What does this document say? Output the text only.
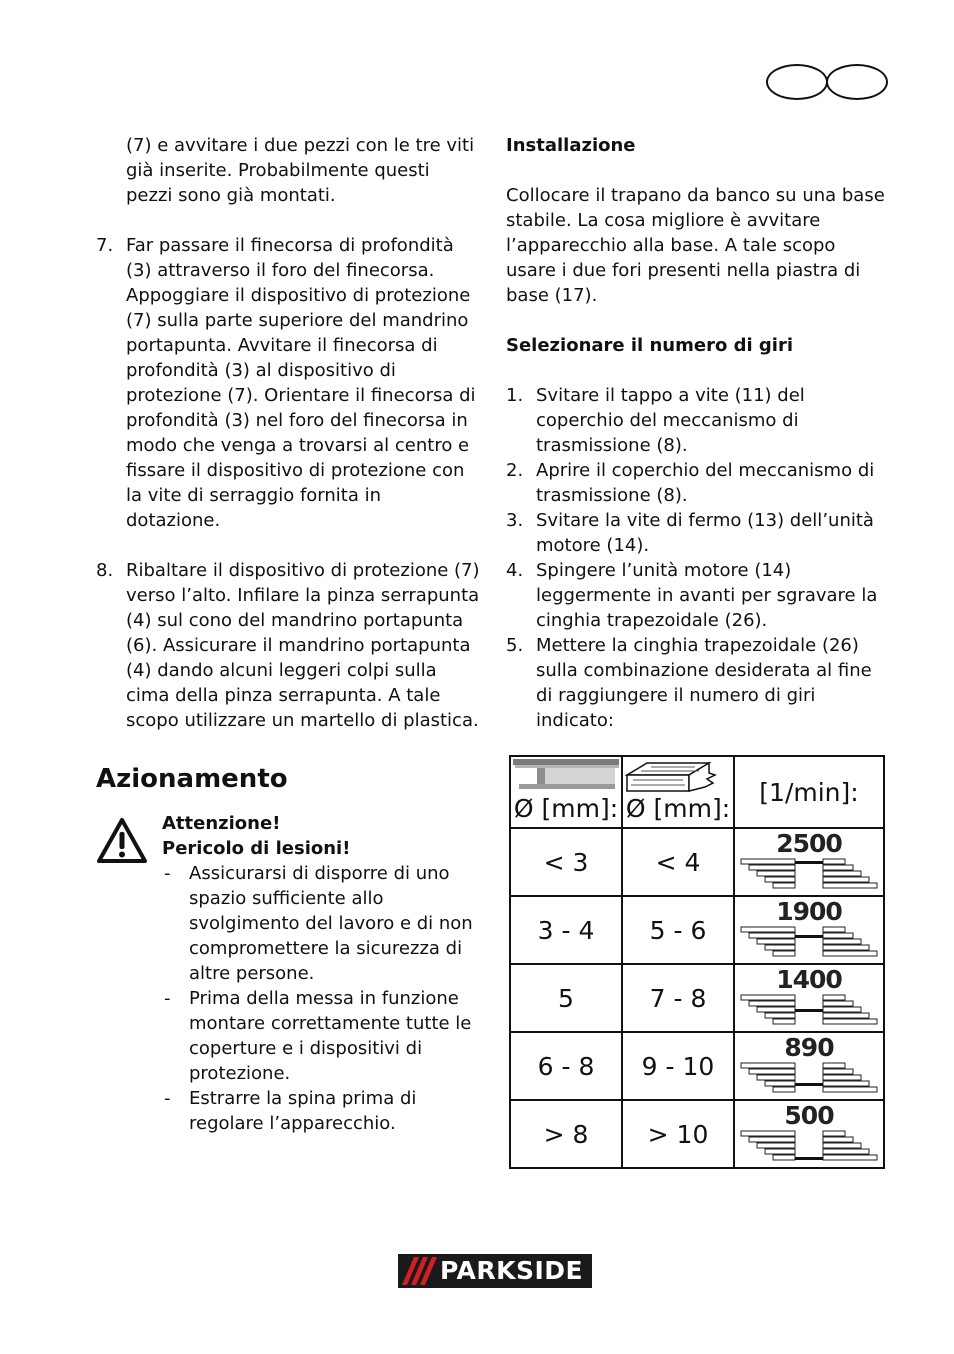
(7) e avvitare i due pezzi con le tre viti già inserite. Probabilmente questi pezzi sono già montati.

7. Far passare il finecorsa di profondità (3) attraverso il foro del finecorsa. Appoggiare il dispositivo di protezione (7) sulla parte superiore del mandrino portapunta. Avvitare il finecorsa di profondità (3) al dispositivo di protezione (7). Orientare il finecorsa di profondità (3) nel foro del finecorsa in modo che venga a trovarsi al centro e fissare il dispositivo di protezione con la vite di serraggio fornita in dotazione.
8. Ribaltare il dispositivo di protezione (7) verso l’alto. Infilare la pinza serrapunta (4) sul cono del mandrino portapunta (6). Assicurare il mandrino portapunta (4) dando alcuni leggeri colpi sulla cima della pinza serrapunta. A tale scopo utilizzare un martello di plastica.
Azionamento

Attenzione!

Pericolo di lesioni!

-	Assicurarsi di disporre di uno spazio sufficiente allo svolgimento del lavoro e di non compromettere la sicurezza di altre persone.
-	Prima della messa in funzione montare correttamente tutte le coperture e i dispositivi di protezione.
-	Estrarre la spina prima di regolare l’apparecchio.

Installazione

Collocare il trapano da banco su una base stabile. La cosa migliore è avvitare l’apparecchio alla base. A tale scopo usare i due fori presenti nella piastra di base (17).

Selezionare il numero di giri

1. Svitare il tappo a vite (11) del coperchio del meccanismo di trasmissione (8).
2. Aprire il coperchio del meccanismo di trasmissione (8).
3. Svitare la vite di fermo (13) dell’unità motore (14).
4. Spingere l’unità motore (14) leggermente in avanti per sgravare la cinghia trapezoidale (26).
5. Mettere la cinghia trapezoidale (26) sulla combinazione desiderata al fine di raggiungere il numero di giri indicato:
Ø [mm]:	Ø [mm]:	[1/min]:
< 3	< 4	2500

3 - 4	5 - 6	1900

5	7 - 8	1400

6 - 8	9 - 10	890

> 8	> 10	500
PARKSIDE
